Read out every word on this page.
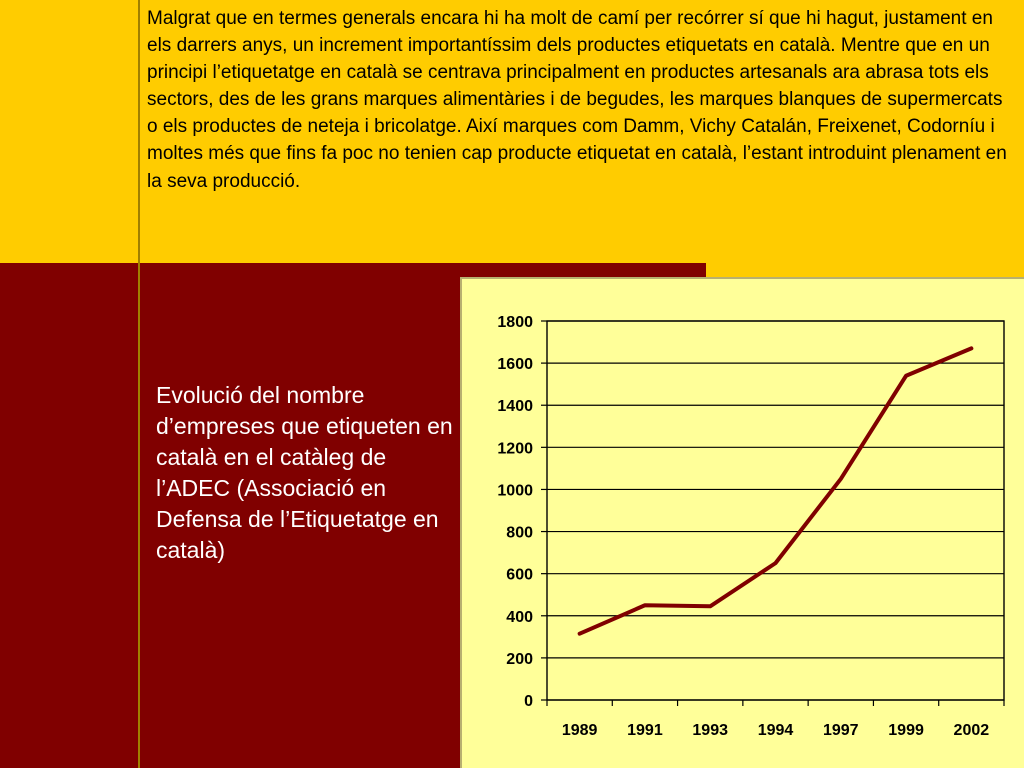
Malgrat que en termes generals encara hi ha molt de camí per recórrer sí que hi hagut, justament en els darrers anys, un increment importantíssim dels productes etiquetats en català. Mentre que en un principi l’etiquetatge en català se centrava principalment en productes artesanals ara abrasa tots els sectors, des de les grans marques alimentàries i de begudes, les marques blanques de supermercats o els productes de neteja i bricolatge. Així marques com Damm, Vichy Catalán, Freixenet, Codorníu i moltes més que fins fa poc no tenien cap producte etiquetat en català, l’estant introduint plenament en la seva producció.

Evolució del nombre d’empreses que etiqueten en català en el catàleg de l’ADEC (Associació en Defensa de l’Etiquetatge en català)

0
200
400
600
800
1000
1200
1400
1600
1800
1989 1991 1993 1994 1997 1999 2002
